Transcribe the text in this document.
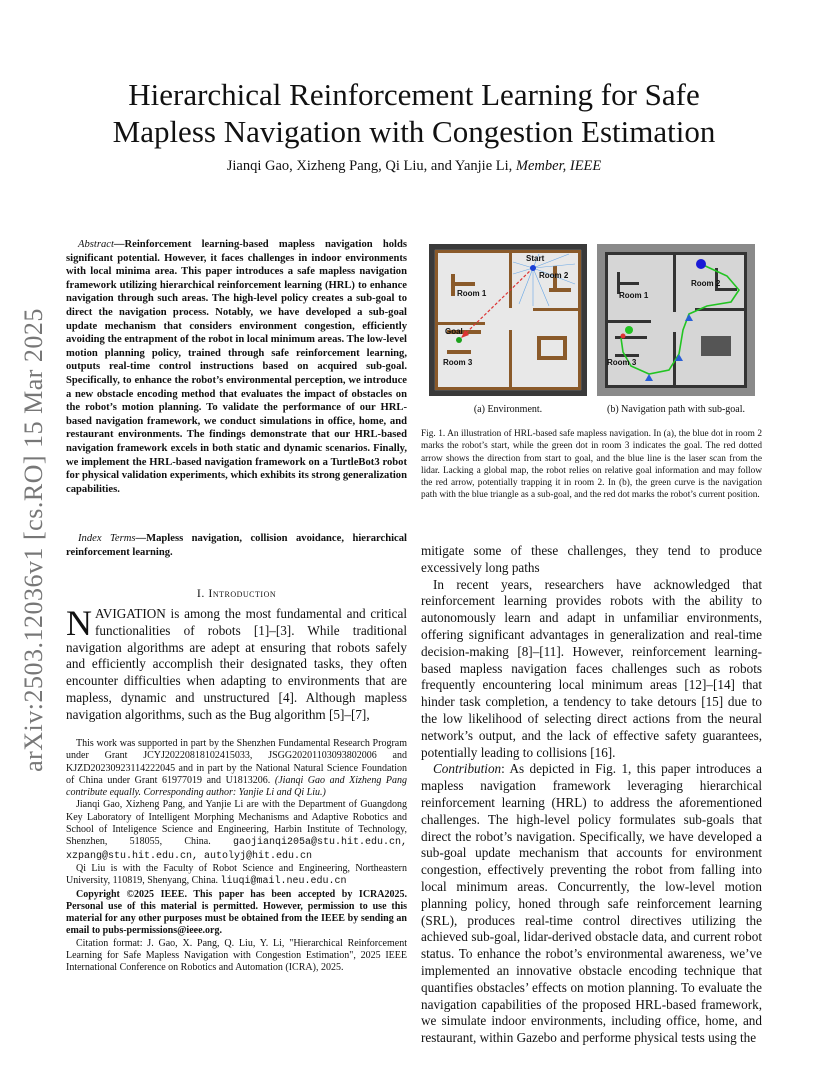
arXiv:2503.12036v1 [cs.RO] 15 Mar 2025
Hierarchical Reinforcement Learning for Safe
Mapless Navigation with Congestion Estimation
Jianqi Gao, Xizheng Pang, Qi Liu, and Yanjie Li, Member, IEEE
Abstract—Reinforcement learning-based mapless navigation holds significant potential. However, it faces challenges in indoor environments with local minima area. This paper introduces a safe mapless navigation framework utilizing hierarchical reinforcement learning (HRL) to enhance navigation through such areas. The high-level policy creates a sub-goal to direct the navigation process. Notably, we have developed a sub-goal update mechanism that considers environment congestion, efficiently avoiding the entrapment of the robot in local minimum areas. The low-level motion planning policy, trained through safe reinforcement learning, outputs real-time control instructions based on acquired sub-goal. Specifically, to enhance the robot’s environmental perception, we introduce a new obstacle encoding method that evaluates the impact of obstacles on the robot’s motion planning. To validate the performance of our HRL-based navigation framework, we conduct simulations in office, home, and restaurant environments. The findings demonstrate that our HRL-based navigation framework excels in both static and dynamic scenarios. Finally, we implement the HRL-based navigation framework on a TurtleBot3 robot for physical validation experiments, which exhibits its strong generalization capabilities.
Index Terms—Mapless navigation, collision avoidance, hierarchical reinforcement learning.
I. Introduction
NAVIGATION is among the most fundamental and critical functionalities of robots [1]–[3]. While traditional navigation algorithms are adept at ensuring that robots safely and efficiently accomplish their designated tasks, they often encounter difficulties when adapting to environments that are mapless, dynamic and unstructured [4]. Although mapless navigation algorithms, such as the Bug algorithm [5]–[7],

This work was supported in part by the Shenzhen Fundamental Research Program under Grant JCYJ20220818102415033, JSGG20201103093802006 and KJZD20230923114222045 and in part by the National Natural Science Foundation of China under Grant 61977019 and U1813206. (Jianqi Gao and Xizheng Pang contribute equally. Corresponding author: Yanjie Li and Qi Liu.)

Jianqi Gao, Xizheng Pang, and Yanjie Li are with the Department of Guangdong Key Laboratory of Intelligent Morphing Mechanisms and Adaptive Robotics and School of Inteligence Science and Engineering, Harbin Institute of Technology, Shenzhen, 518055, China. gaojianqi205a@stu.hit.edu.cn, xzpang@stu.hit.edu.cn, autolyj@hit.edu.cn

Qi Liu is with the Faculty of Robot Science and Engineering, Northeastern University, 110819, Shenyang, China. liuqi@mail.neu.edu.cn

Copyright ©2025 IEEE. This paper has been accepted by ICRA2025. Personal use of this material is permitted. However, permission to use this material for any other purposes must be obtained from the IEEE by sending an email to pubs-permissions@ieee.org.

Citation format: J. Gao, X. Pang, Q. Liu, Y. Li, "Hierarchical Reinforcement Learning for Safe Mapless Navigation with Congestion Estimation", 2025 IEEE International Conference on Robotics and Automation (ICRA), 2025.

Start
Room 2
Room 1
Goal
Room 3
Room 1
Room 2
Room 3
(a) Environment.	(b) Navigation path with sub-goal.
Fig. 1. An illustration of HRL-based safe mapless navigation. In (a), the blue dot in room 2 marks the robot’s start, while the green dot in room 3 indicates the goal. The red dotted arrow shows the direction from start to goal, and the blue line is the laser scan from the lidar. Lacking a global map, the robot relies on relative goal information and may follow the red arrow, potentially trapping it in room 2. In (b), the green curve is the navigation path with the blue triangle as a sub-goal, and the red dot marks the robot’s current position.

mitigate some of these challenges, they tend to produce excessively long paths

In recent years, researchers have acknowledged that reinforcement learning provides robots with the ability to autonomously learn and adapt in unfamiliar environments, offering significant advantages in generalization and real-time decision-making [8]–[11]. However, reinforcement learning-based mapless navigation faces challenges such as robots frequently encountering local minimum areas [12]–[14] that hinder task completion, a tendency to take detours [15] due to the low likelihood of selecting direct actions from the neural network’s output, and the lack of effective safety guarantees, potentially leading to collisions [16].

Contribution: As depicted in Fig. 1, this paper introduces a mapless navigation framework leveraging hierarchical reinforcement learning (HRL) to address the aforementioned challenges. The high-level policy formulates sub-goals that direct the robot’s navigation. Specifically, we have developed a sub-goal update mechanism that accounts for environment congestion, effectively preventing the robot from falling into local minimum areas. Concurrently, the low-level motion planning policy, honed through safe reinforcement learning (SRL), produces real-time control directives utilizing the achieved sub-goal, lidar-derived obstacle data, and current robot status. To enhance the robot’s environmental awareness, we’ve implemented an innovative obstacle encoding technique that quantifies obstacles’ effects on motion planning. To evaluate the navigation capabilities of the proposed HRL-based framework, we simulate indoor environments, including office, home, and restaurant, within Gazebo and performe physical tests using the
